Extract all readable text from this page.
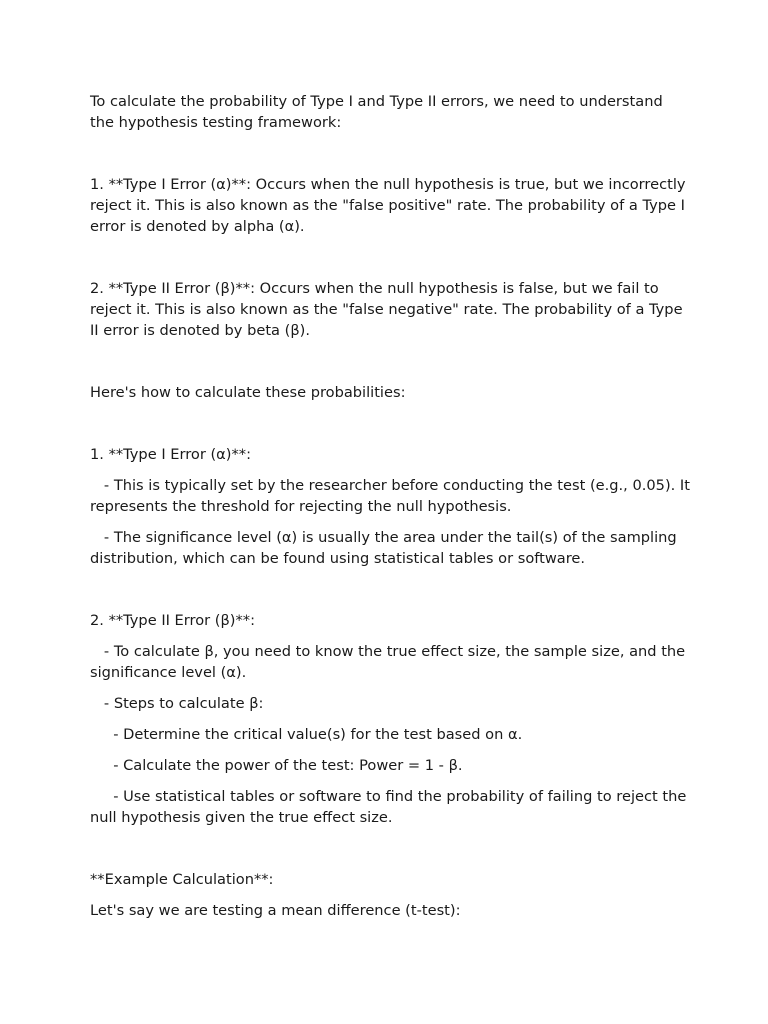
To calculate the probability of Type I and Type II errors, we need to understand the hypothesis testing framework:

1. **Type I Error (α)**: Occurs when the null hypothesis is true, but we incorrectly reject it. This is also known as the "false positive" rate. The probability of a Type I error is denoted by alpha (α).

2. **Type II Error (β)**: Occurs when the null hypothesis is false, but we fail to reject it. This is also known as the "false negative" rate. The probability of a Type II error is denoted by beta (β).

Here's how to calculate these probabilities:

1. **Type I Error (α)**:

- This is typically set by the researcher before conducting the test (e.g., 0.05). It represents the threshold for rejecting the null hypothesis.

- The significance level (α) is usually the area under the tail(s) of the sampling distribution, which can be found using statistical tables or software.

2. **Type II Error (β)**:

- To calculate β, you need to know the true effect size, the sample size, and the significance level (α).

- Steps to calculate β:

- Determine the critical value(s) for the test based on α.

- Calculate the power of the test: Power = 1 - β.

- Use statistical tables or software to find the probability of failing to reject the null hypothesis given the true effect size.

**Example Calculation**:

Let's say we are testing a mean difference (t-test):
